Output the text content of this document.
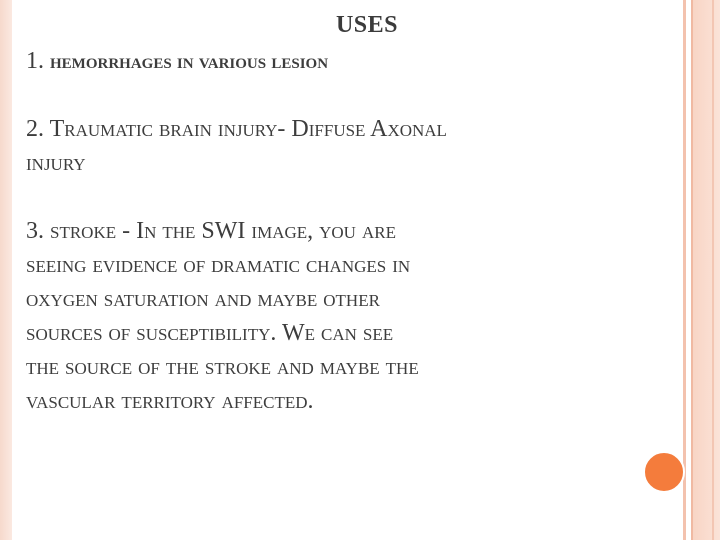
USES

1. hemorrhages in various lesion

2. Traumatic brain injury- Diffuse Axonal
injury

3. stroke - In the SWI image, you are
seeing evidence of dramatic changes in
oxygen saturation and maybe other
sources of susceptibility. We can see
the source of the stroke and maybe the
vascular territory affected.
